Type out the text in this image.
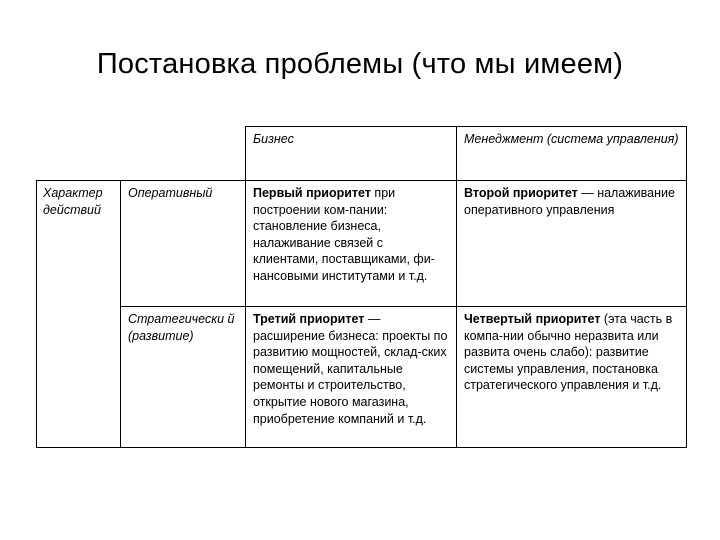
Постановка проблемы (что мы имеем)
Бизнес	Менеджмент (система управления)
Характер действий
Оперативный	Первый приоритет при построении ком-пании: становление бизнеса, налаживание связей с клиентами, поставщиками, фи-нансовыми институтами и т.д.
Второй приоритет — налаживание оперативного управления
Стратегически й (развитие)
Третий приоритет — расширение бизнеса: проекты по развитию мощностей, склад-ских помещений, капитальные ремонты и строительство, открытие нового магазина, приобретение компаний и т.д.
Четвертый приоритет (эта часть в компа-нии обычно неразвита или развита очень слабо): развитие системы управления, постановка стратегического управления и т.д.
